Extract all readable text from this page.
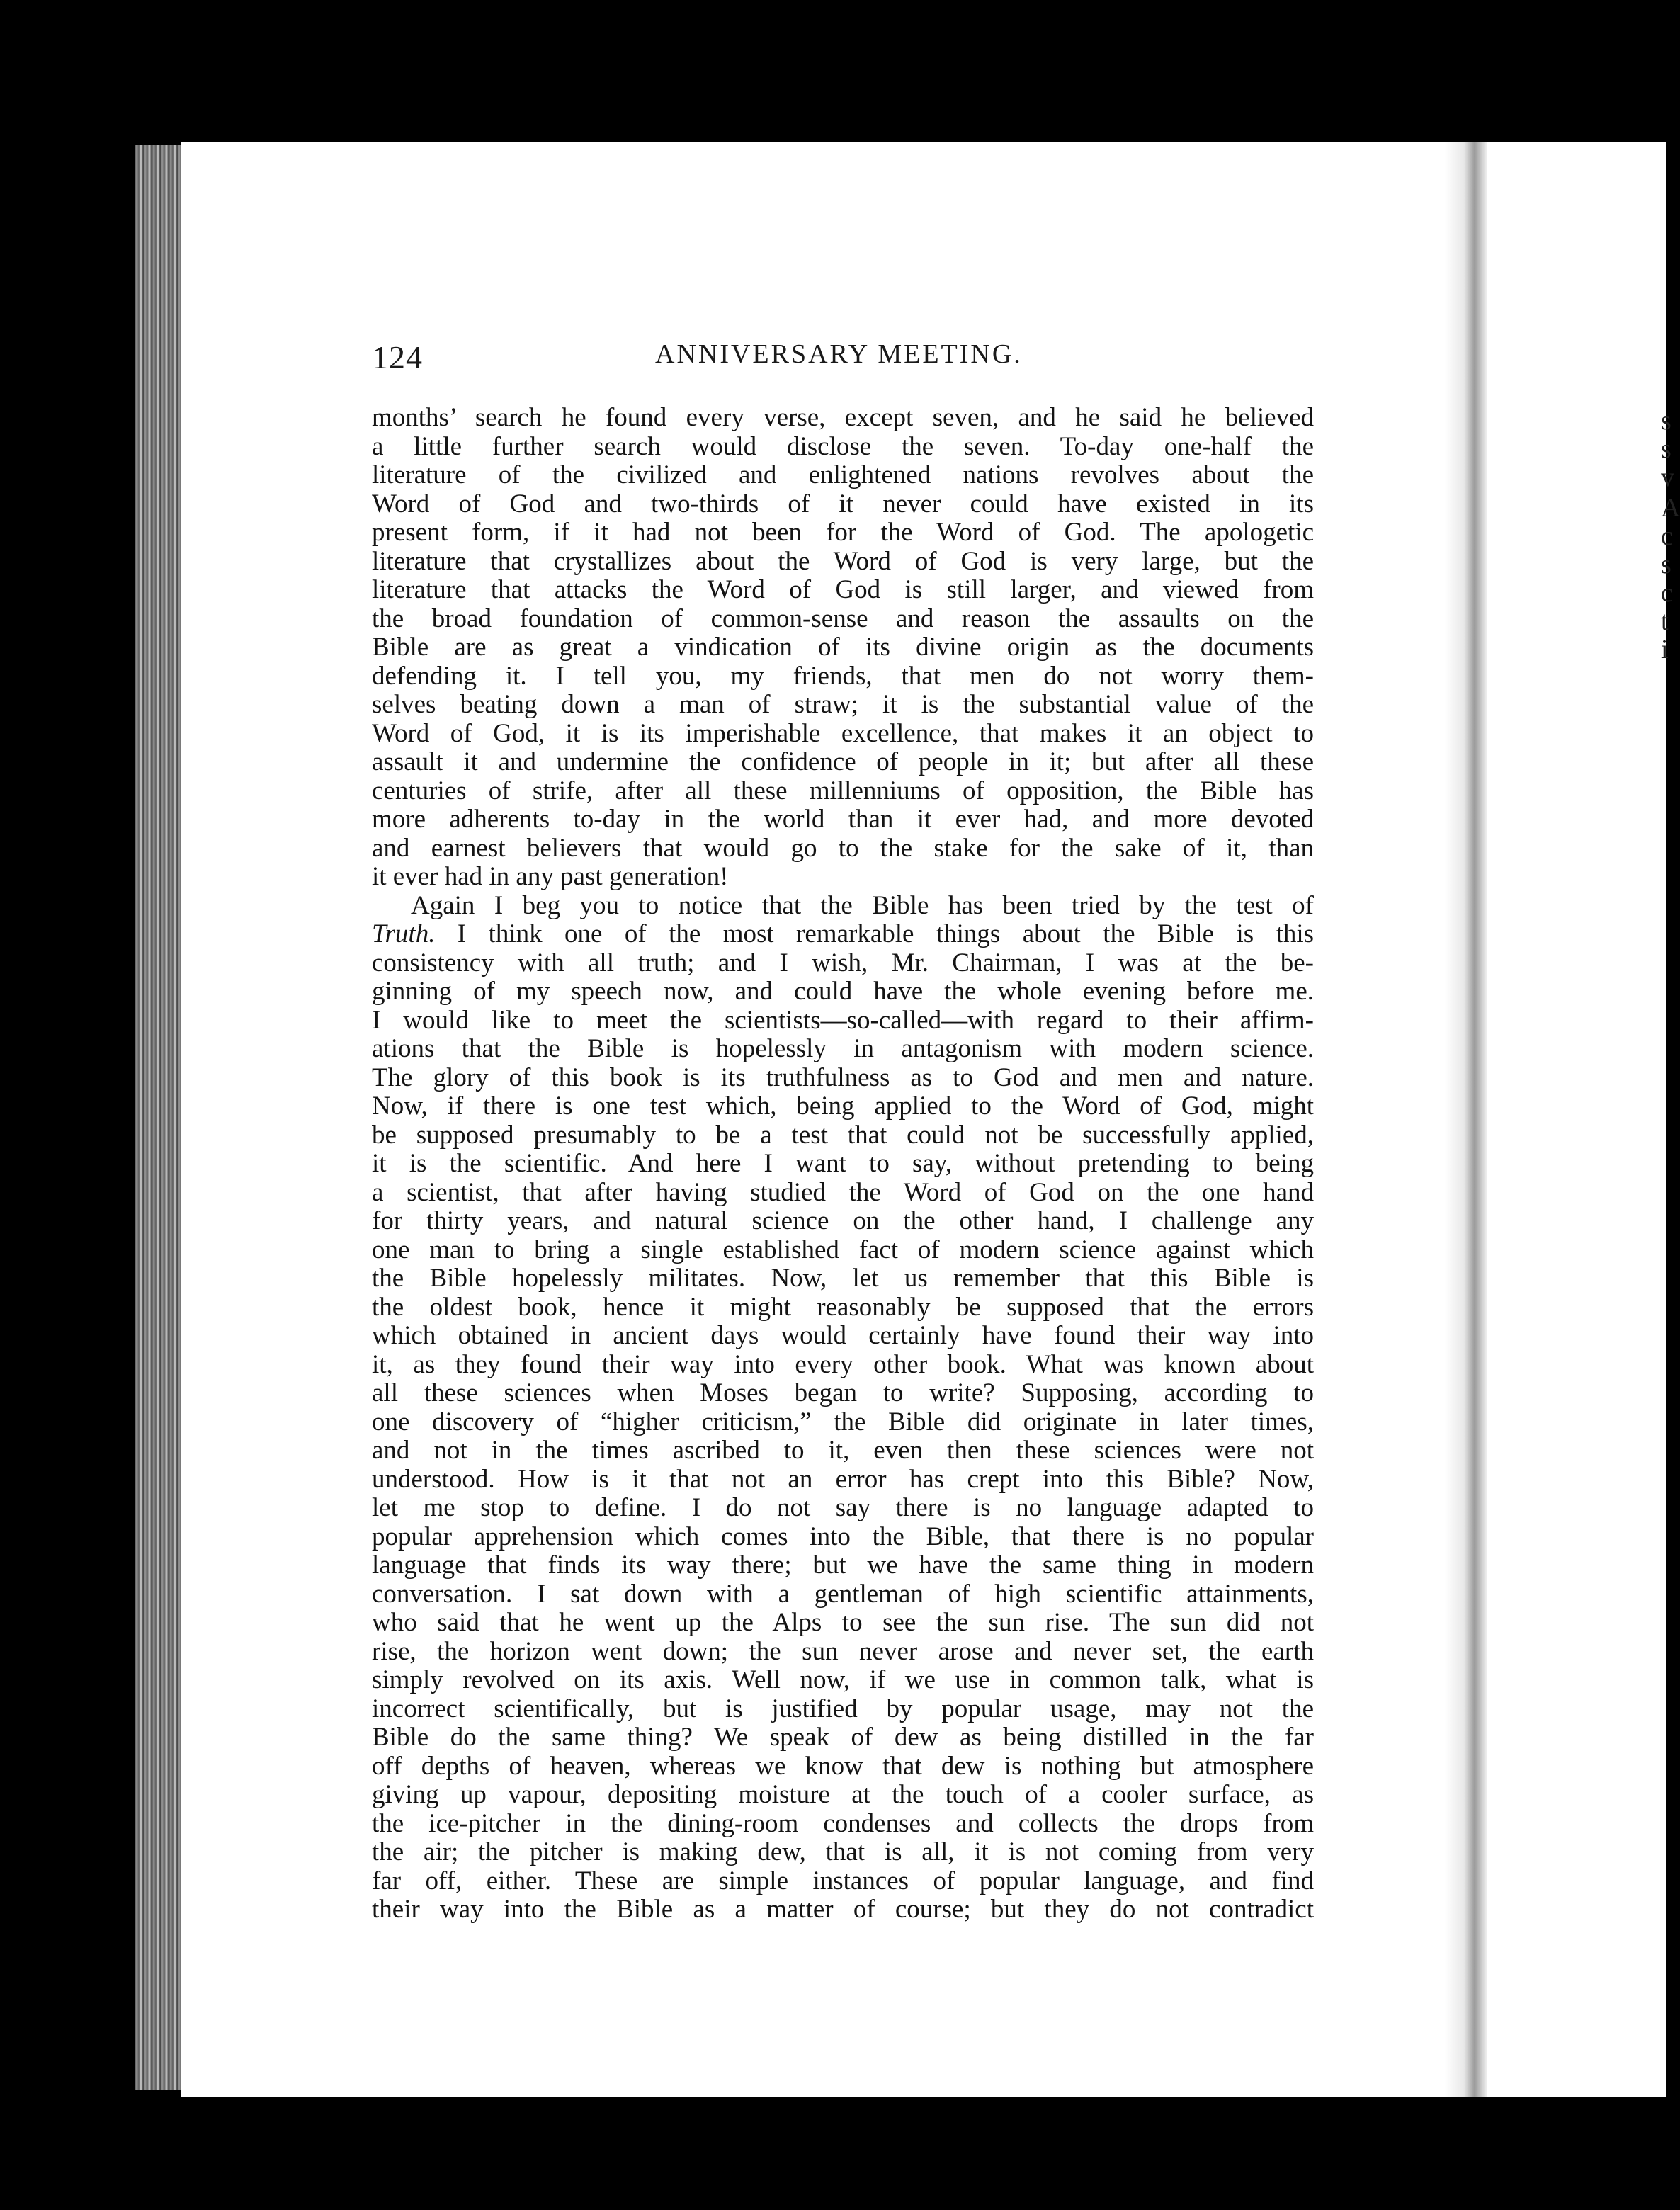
s
s
v
A
c
s
c
t
i
124	ANNIVERSARY MEETING.
months’ search he found every verse, except seven, and he said he believed
a little further search would disclose the seven. To-day one-half the
literature of the civilized and enlightened nations revolves about the
Word of God and two-thirds of it never could have existed in its
present form, if it had not been for the Word of God. The apologetic
literature that crystallizes about the Word of God is very large, but the
literature that attacks the Word of God is still larger, and viewed from
the broad foundation of common-sense and reason the assaults on the
Bible are as great a vindication of its divine origin as the documents
defending it. I tell you, my friends, that men do not worry them-
selves beating down a man of straw; it is the substantial value of the
Word of God, it is its imperishable excellence, that makes it an object to
assault it and undermine the confidence of people in it; but after all these
centuries of strife, after all these millenniums of opposition, the Bible has
more adherents to-day in the world than it ever had, and more devoted
and earnest believers that would go to the stake for the sake of it, than
it ever had in any past generation!
Again I beg you to notice that the Bible has been tried by the test of
Truth. I think one of the most remarkable things about the Bible is this
consistency with all truth; and I wish, Mr. Chairman, I was at the be-
ginning of my speech now, and could have the whole evening before me.
I would like to meet the scientists—so-called—with regard to their affirm-
ations that the Bible is hopelessly in antagonism with modern science.
The glory of this book is its truthfulness as to God and men and nature.
Now, if there is one test which, being applied to the Word of God, might
be supposed presumably to be a test that could not be successfully applied,
it is the scientific. And here I want to say, without pretending to being
a scientist, that after having studied the Word of God on the one hand
for thirty years, and natural science on the other hand, I challenge any
one man to bring a single established fact of modern science against which
the Bible hopelessly militates. Now, let us remember that this Bible is
the oldest book, hence it might reasonably be supposed that the errors
which obtained in ancient days would certainly have found their way into
it, as they found their way into every other book. What was known about
all these sciences when Moses began to write? Supposing, according to
one discovery of “higher criticism,” the Bible did originate in later times,
and not in the times ascribed to it, even then these sciences were not
understood. How is it that not an error has crept into this Bible? Now,
let me stop to define. I do not say there is no language adapted to
popular apprehension which comes into the Bible, that there is no popular
language that finds its way there; but we have the same thing in modern
conversation. I sat down with a gentleman of high scientific attainments,
who said that he went up the Alps to see the sun rise. The sun did not
rise, the horizon went down; the sun never arose and never set, the earth
simply revolved on its axis. Well now, if we use in common talk, what is
incorrect scientifically, but is justified by popular usage, may not the
Bible do the same thing? We speak of dew as being distilled in the far
off depths of heaven, whereas we know that dew is nothing but atmosphere
giving up vapour, depositing moisture at the touch of a cooler surface, as
the ice-pitcher in the dining-room condenses and collects the drops from
the air; the pitcher is making dew, that is all, it is not coming from very
far off, either. These are simple instances of popular language, and find
their way into the Bible as a matter of course; but they do not contradict
